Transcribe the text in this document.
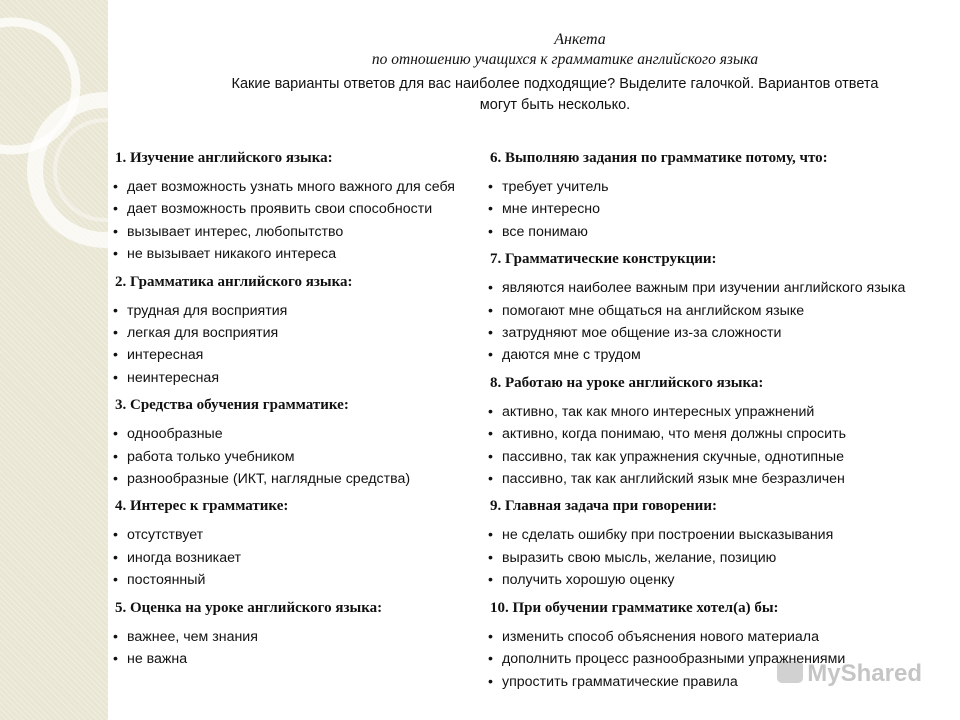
Анкета
по отношению учащихся к грамматике английского языка
Какие варианты ответов для вас наиболее подходящие? Выделите галочкой. Вариантов ответа
могут быть несколько.
1. Изучение английского языка:
• дает возможность узнать много важного для себя
• дает возможность проявить свои способности
• вызывает интерес, любопытство
• не вызывает никакого интереса
2. Грамматика английского языка:
• трудная для восприятия
• легкая для восприятия
• интересная
• неинтересная
3. Средства обучения грамматике:
• однообразные
• работа только учебником
• разнообразные (ИКТ, наглядные средства)
4. Интерес к грамматике:
• отсутствует
• иногда возникает
• постоянный
5. Оценка на уроке английского языка:
• важнее, чем знания
• не важна
6. Выполняю задания по грамматике потому, что:
• требует учитель
• мне интересно
• все понимаю
7. Грамматические конструкции:
• являются наиболее важным при изучении английского языка
• помогают мне общаться на английском языке
• затрудняют мое общение из-за сложности
• даются мне с трудом
8. Работаю на уроке английского языка:
• активно, так как много интересных упражнений
• активно, когда понимаю, что меня должны спросить
• пассивно, так как упражнения скучные, однотипные
• пассивно, так как английский язык мне безразличен
9. Главная задача при говорении:
• не сделать ошибку при построении высказывания
• выразить свою мысль, желание, позицию
• получить хорошую оценку
10. При обучении грамматике хотел(а) бы:
• изменить способ объяснения нового материала
• дополнить процесс разнообразными упражнениями
• упростить грамматические правила	MyShared
